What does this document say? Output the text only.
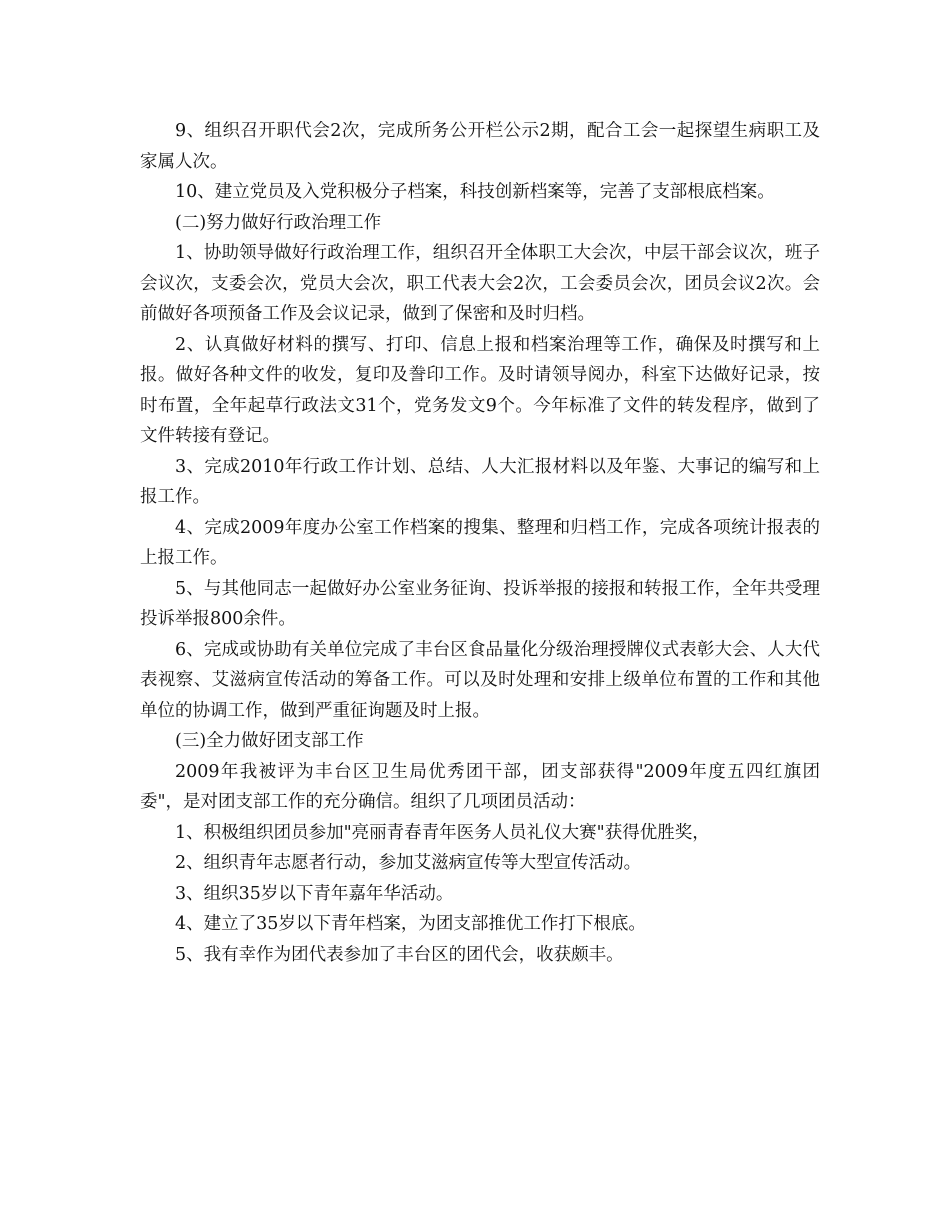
9、组织召开职代会2次，完成所务公开栏公示2期，配合工会一起探望生病职工及家属人次。

10、建立党员及入党积极分子档案，科技创新档案等，完善了支部根底档案。

(二)努力做好行政治理工作

1、协助领导做好行政治理工作，组织召开全体职工大会次，中层干部会议次，班子会议次，支委会次，党员大会次，职工代表大会2次，工会委员会次，团员会议2次。会前做好各项预备工作及会议记录，做到了保密和及时归档。

2、认真做好材料的撰写、打印、信息上报和档案治理等工作，确保及时撰写和上报。做好各种文件的收发，复印及誊印工作。及时请领导阅办，科室下达做好记录，按时布置，全年起草行政法文31个，党务发文9个。今年标准了文件的转发程序，做到了文件转接有登记。

3、完成2010年行政工作计划、总结、人大汇报材料以及年鉴、大事记的编写和上报工作。

4、完成2009年度办公室工作档案的搜集、整理和归档工作，完成各项统计报表的上报工作。

5、与其他同志一起做好办公室业务征询、投诉举报的接报和转报工作，全年共受理投诉举报800余件。

6、完成或协助有关单位完成了丰台区食品量化分级治理授牌仪式表彰大会、人大代表视察、艾滋病宣传活动的筹备工作。可以及时处理和安排上级单位布置的工作和其他单位的协调工作，做到严重征询题及时上报。

(三)全力做好团支部工作

2009年我被评为丰台区卫生局优秀团干部，团支部获得"2009年度五四红旗团委"，是对团支部工作的充分确信。组织了几项团员活动：

1、积极组织团员参加"亮丽青春青年医务人员礼仪大赛"获得优胜奖，

2、组织青年志愿者行动，参加艾滋病宣传等大型宣传活动。

3、组织35岁以下青年嘉年华活动。

4、建立了35岁以下青年档案，为团支部推优工作打下根底。

5、我有幸作为团代表参加了丰台区的团代会，收获颇丰。
